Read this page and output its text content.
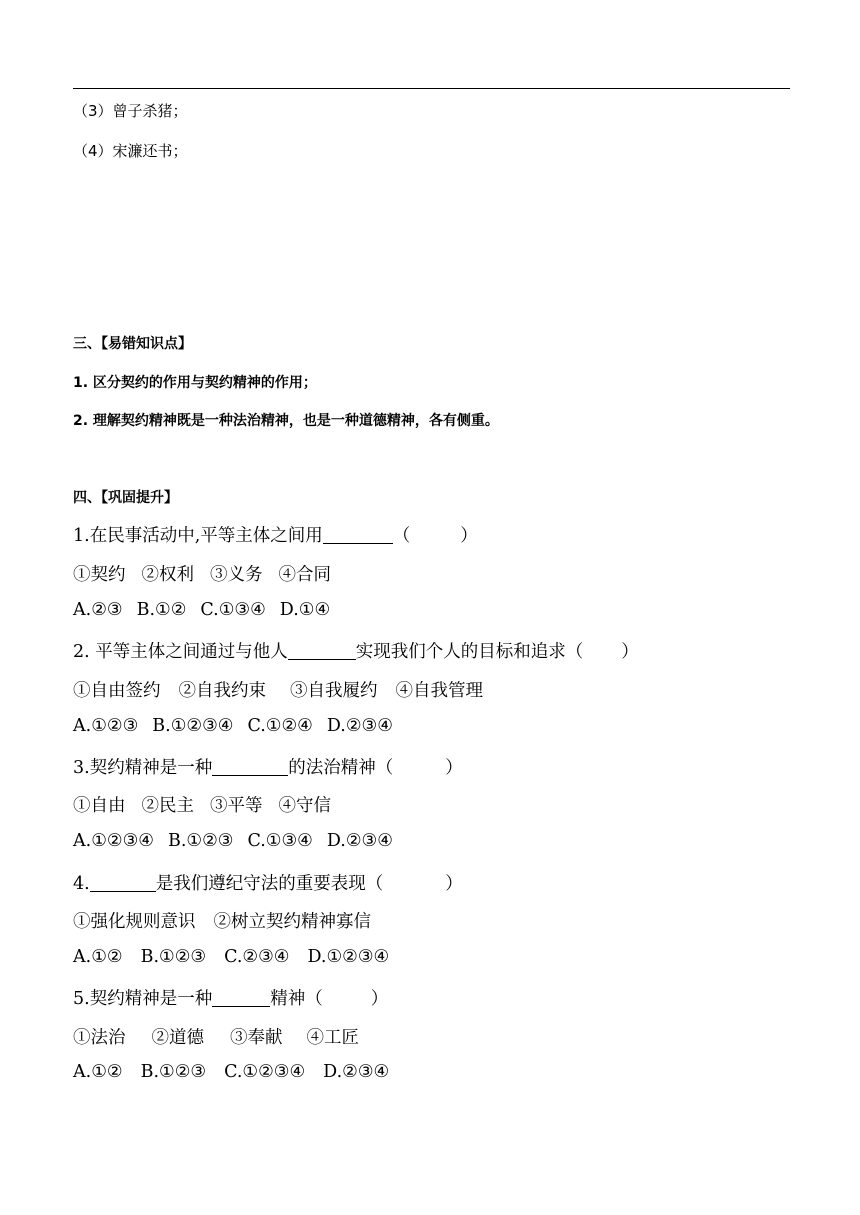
（3）曾子杀猪；
（4）宋濂还书；
三、【易错知识点】
1. 区分契约的作用与契约精神的作用；
2. 理解契约精神既是一种法治精神，也是一种道德精神，各有侧重。
四、【巩固提升】
1.在民事活动中,平等主体之间用	（	）
①契约 ②权利 ③义务 ④合同
A.②③ B.①② C.①③④ D.①④
2. 平等主体之间通过与他人	实现我们个人的目标和追求（ ）
①自由签约 ②自我约束 ③自我履约 ④自我管理
A.①②③ B.①②③④ C.①②④ D.②③④
3.契约精神是一种	的法治精神（	）
①自由 ②民主 ③平等 ④守信
A.①②③④ B.①②③ C.①③④ D.②③④
4.	是我们遵纪守法的重要表现（	）
①强化规则意识 ②树立契约精神寡信
A.①② B.①②③ C.②③④ D.①②③④
5.契约精神是一种	精神（	）
①法治 ②道德 ③奉献 ④工匠
A.①② B.①②③ C.①②③④ D.②③④
